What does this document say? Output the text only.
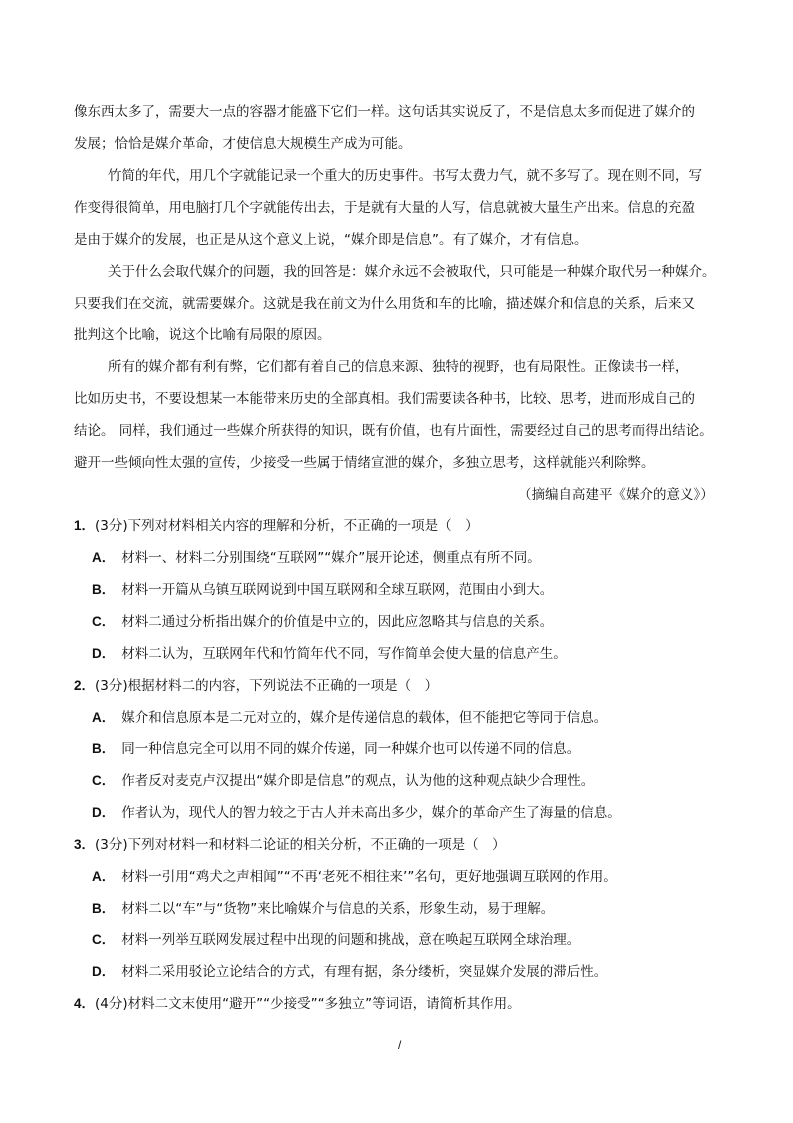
像东西太多了，需要大一点的容器才能盛下它们一样。这句话其实说反了，不是信息太多而促进了媒介的
发展；恰恰是媒介革命，才使信息大规模生产成为可能。
竹简的年代，用几个字就能记录一个重大的历史事件。书写太费力气，就不多写了。现在则不同，写
作变得很简单，用电脑打几个字就能传出去，于是就有大量的人写，信息就被大量生产出来。信息的充盈
是由于媒介的发展，也正是从这个意义上说，“媒介即是信息”。有了媒介，才有信息。
关于什么会取代媒介的问题，我的回答是：媒介永远不会被取代，只可能是一种媒介取代另一种媒介。
只要我们在交流，就需要媒介。这就是我在前文为什么用货和车的比喻，描述媒介和信息的关系，后来又
批判这个比喻，说这个比喻有局限的原因。
所有的媒介都有利有弊，它们都有着自己的信息来源、独特的视野，也有局限性。正像读书一样，
比如历史书，不要设想某一本能带来历史的全部真相。我们需要读各种书，比较、思考，进而形成自己的
结论。 同样，我们通过一些媒介所获得的知识，既有价值，也有片面性，需要经过自己的思考而得出结论。
避开一些倾向性太强的宣传，少接受一些属于情绪宣泄的媒介，多独立思考，这样就能兴利除弊。
（摘编自高建平《媒介的意义》）
1．(3分)下列对材料相关内容的理解和分析，不正确的一项是（　）
A． 材料一、材料二分别围绕“互联网”“媒介”展开论述，侧重点有所不同。
B． 材料一开篇从乌镇互联网说到中国互联网和全球互联网，范围由小到大。
C． 材料二通过分析指出媒介的价值是中立的，因此应忽略其与信息的关系。
D． 材料二认为，互联网年代和竹简年代不同，写作简单会使大量的信息产生。
2．(3分)根据材料二的内容，下列说法不正确的一项是（　）
A． 媒介和信息原本是二元对立的，媒介是传递信息的载体，但不能把它等同于信息。
B． 同一种信息完全可以用不同的媒介传递，同一种媒介也可以传递不同的信息。
C． 作者反对麦克卢汉提出“媒介即是信息”的观点，认为他的这种观点缺少合理性。
D． 作者认为，现代人的智力较之于古人并未高出多少，媒介的革命产生了海量的信息。
3．(3分)下列对材料一和材料二论证的相关分析，不正确的一项是（　）
A． 材料一引用“鸡犬之声相闻”“不再‘老死不相往来’”名句，更好地强调互联网的作用。
B． 材料二以“车”与“货物”来比喻媒介与信息的关系，形象生动，易于理解。
C． 材料一列举互联网发展过程中出现的问题和挑战，意在唤起互联网全球治理。
D． 材料二采用驳论立论结合的方式，有理有据，条分缕析，突显媒介发展的滞后性。
4．(4分)材料二文末使用“避开”“少接受”“多独立”等词语，请简析其作用。
/
